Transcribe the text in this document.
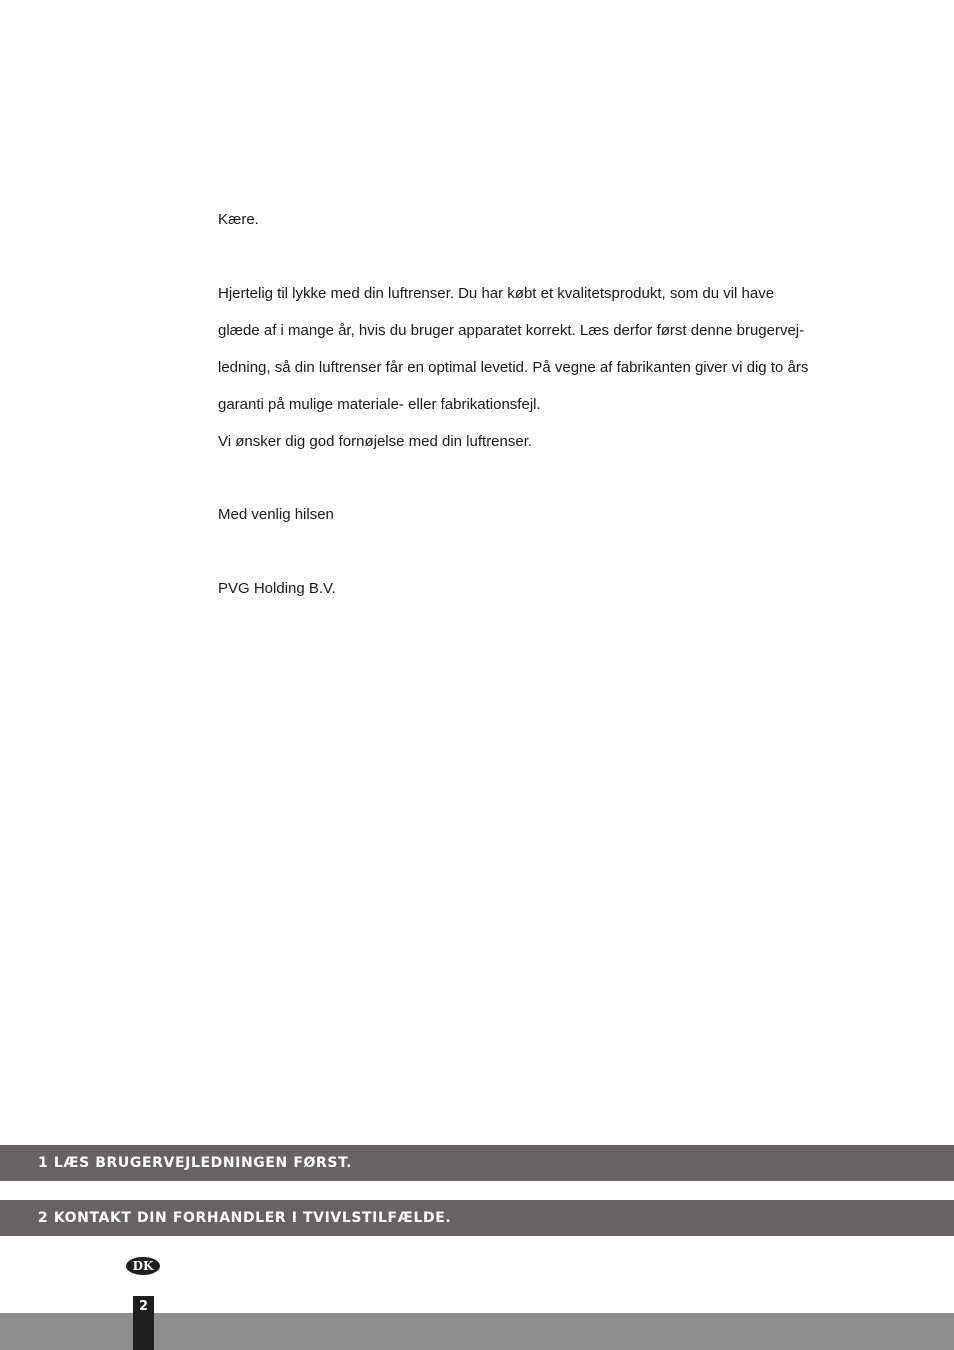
Kære.

Hjertelig til lykke med din luftrenser. Du har købt et kvalitetsprodukt, som du vil have

glæde af i mange år, hvis du bruger apparatet korrekt. Læs derfor først denne brugervej-

ledning, så din luftrenser får en optimal levetid. På vegne af fabrikanten giver vi dig to års

garanti på mulige materiale- eller fabrikationsfejl.

Vi ønsker dig god fornøjelse med din luftrenser.

Med venlig hilsen

PVG Holding B.V.

1 LÆS BRUGERVEJLEDNINGEN FØRST.
2 KONTAKT DIN FORHANDLER I TVIVLSTILFÆLDE.
DK
2
